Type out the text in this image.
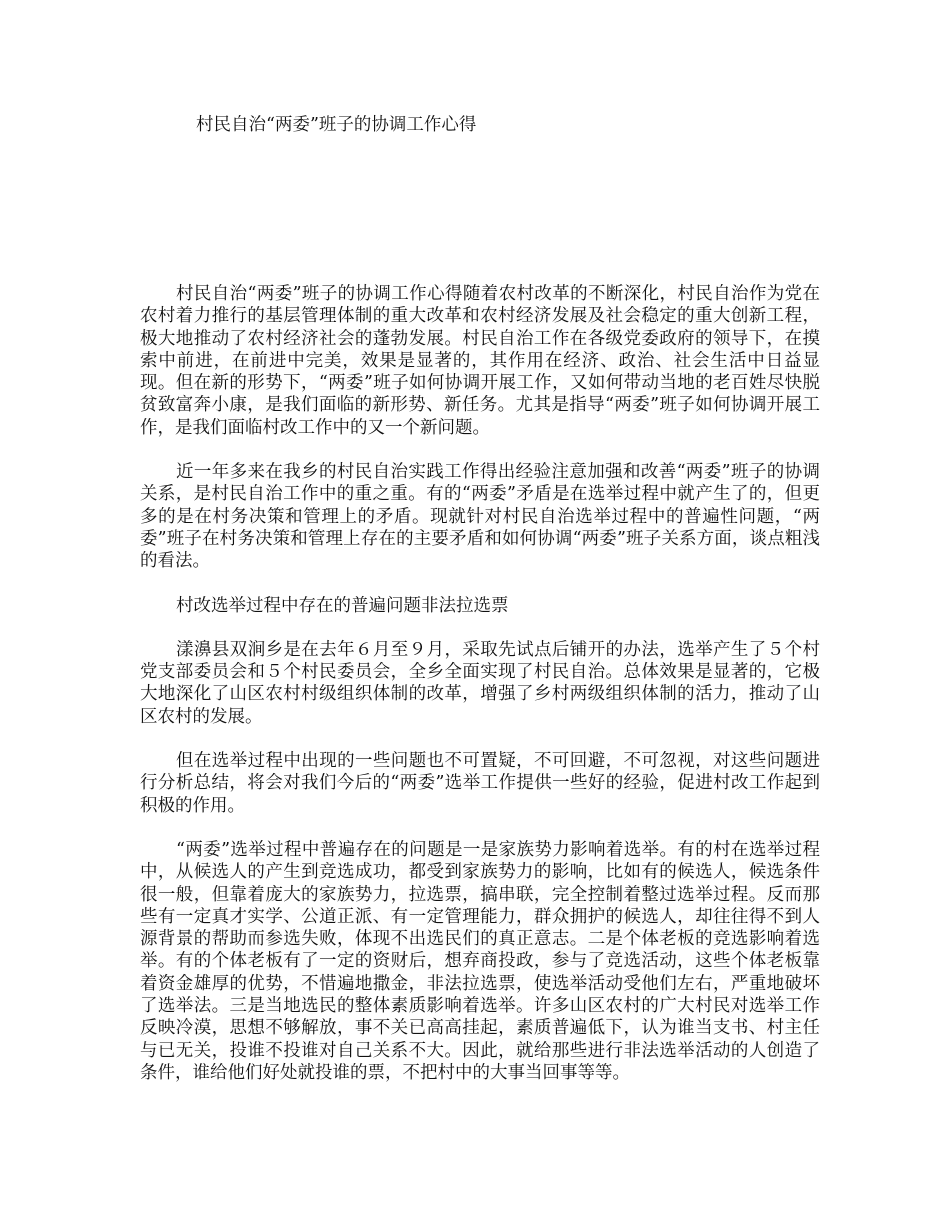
村民自治“两委”班子的协调工作心得

村民自治“两委”班子的协调工作心得随着农村改革的不断深化，村民自治作为党在农村着力推行的基层管理体制的重大改革和农村经济发展及社会稳定的重大创新工程，极大地推动了农村经济社会的蓬勃发展。村民自治工作在各级党委政府的领导下，在摸索中前进，在前进中完美，效果是显著的，其作用在经济、政治、社会生活中日益显现。但在新的形势下，“两委”班子如何协调开展工作，又如何带动当地的老百姓尽快脱贫致富奔小康，是我们面临的新形势、新任务。尤其是指导“两委”班子如何协调开展工作，是我们面临村改工作中的又一个新问题。

近一年多来在我乡的村民自治实践工作得出经验注意加强和改善“两委”班子的协调关系，是村民自治工作中的重之重。有的“两委”矛盾是在选举过程中就产生了的，但更多的是在村务决策和管理上的矛盾。现就针对村民自治选举过程中的普遍性问题，“两委”班子在村务决策和管理上存在的主要矛盾和如何协调“两委”班子关系方面，谈点粗浅的看法。

村改选举过程中存在的普遍问题非法拉选票

漾濞县双涧乡是在去年６月至９月，采取先试点后铺开的办法，选举产生了５个村党支部委员会和５个村民委员会，全乡全面实现了村民自治。总体效果是显著的，它极大地深化了山区农村村级组织体制的改革，增强了乡村两级组织体制的活力，推动了山区农村的发展。

但在选举过程中出现的一些问题也不可置疑，不可回避，不可忽视，对这些问题进行分析总结，将会对我们今后的“两委”选举工作提供一些好的经验，促进村改工作起到积极的作用。

“两委”选举过程中普遍存在的问题是一是家族势力影响着选举。有的村在选举过程中，从候选人的产生到竞选成功，都受到家族势力的影响，比如有的候选人，候选条件很一般，但靠着庞大的家族势力，拉选票，搞串联，完全控制着整过选举过程。反而那些有一定真才实学、公道正派、有一定管理能力，群众拥护的候选人，却往往得不到人源背景的帮助而参选失败，体现不出选民们的真正意志。二是个体老板的竞选影响着选举。有的个体老板有了一定的资财后，想弃商投政，参与了竞选活动，这些个体老板靠着资金雄厚的优势，不惜遍地撒金，非法拉选票，使选举活动受他们左右，严重地破坏了选举法。三是当地选民的整体素质影响着选举。许多山区农村的广大村民对选举工作反映冷漠，思想不够解放，事不关已高高挂起，素质普遍低下，认为谁当支书、村主任与已无关，投谁不投谁对自己关系不大。因此，就给那些进行非法选举活动的人创造了条件，谁给他们好处就投谁的票，不把村中的大事当回事等等。
